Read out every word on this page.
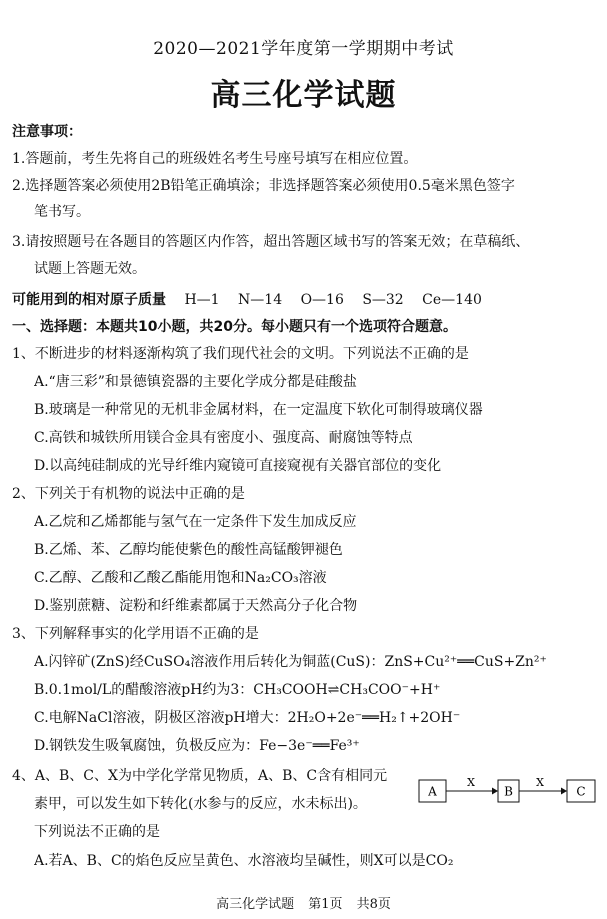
2020—2021学年度第一学期期中考试
高三化学试题
注意事项：
1.答题前，考生先将自己的班级姓名考生号座号填写在相应位置。
2.选择题答案必须使用2B铅笔正确填涂；非选择题答案必须使用0.5毫米黑色签字
笔书写。
3.请按照题号在各题目的答题区内作答，超出答题区域书写的答案无效；在草稿纸、
试题上答题无效。
可能用到的相对原子质量 H—1 N—14 O—16 S—32 Ce—140
一、选择题：本题共10小题，共20分。每小题只有一个选项符合题意。
1、不断进步的材料逐渐构筑了我们现代社会的文明。下列说法不正确的是
A.“唐三彩”和景德镇瓷器的主要化学成分都是硅酸盐
B.玻璃是一种常见的无机非金属材料，在一定温度下软化可制得玻璃仪器
C.高铁和城铁所用镁合金具有密度小、强度高、耐腐蚀等特点
D.以高纯硅制成的光导纤维内窥镜可直接窥视有关器官部位的变化
2、下列关于有机物的说法中正确的是
A.乙烷和乙烯都能与氢气在一定条件下发生加成反应
B.乙烯、苯、乙醇均能使紫色的酸性高锰酸钾褪色
C.乙醇、乙酸和乙酸乙酯能用饱和Na₂CO₃溶液
D.鉴别蔗糖、淀粉和纤维素都属于天然高分子化合物
3、下列解释事实的化学用语不正确的是
A.闪锌矿(ZnS)经CuSO₄溶液作用后转化为铜蓝(CuS)：ZnS+Cu²⁺══CuS+Zn²⁺
B.0.1mol/L的醋酸溶液pH约为3：CH₃COOH⇌CH₃COO⁻+H⁺
C.电解NaCl溶液，阴极区溶液pH增大：2H₂O+2e⁻══H₂↑+2OH⁻
D.钢铁发生吸氧腐蚀，负极反应为：Fe−3e⁻══Fe³⁺
4、A、B、C、X为中学化学常见物质，A、B、C含有相同元
素甲，可以发生如下转化(水参与的反应，水未标出)。
下列说法不正确的是
A.若A、B、C的焰色反应呈黄色、水溶液均呈碱性，则X可以是CO₂
A
X
B
X
C
高三化学试题 第1页 共8页
